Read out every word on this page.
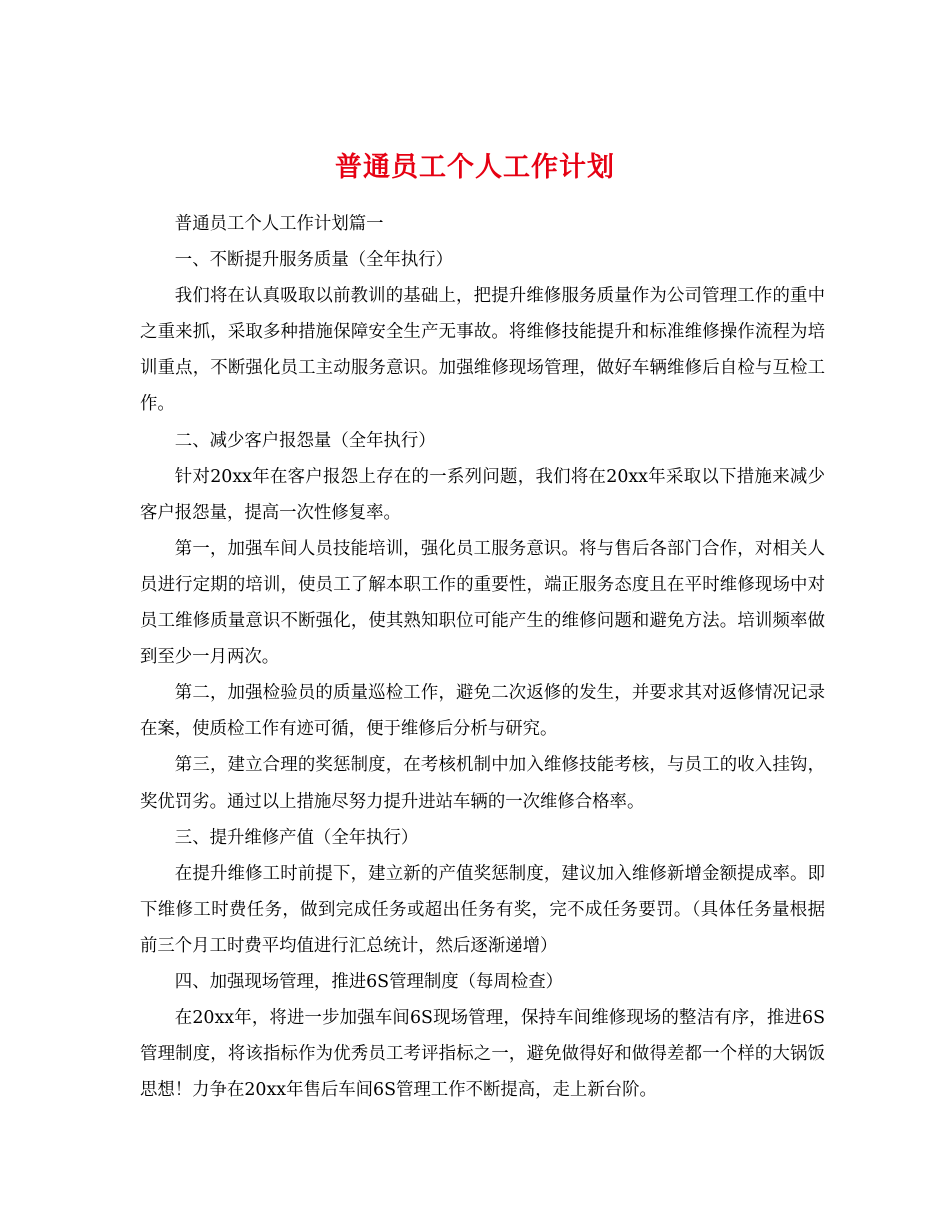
普通员工个人工作计划

普通员工个人工作计划篇一

一、不断提升服务质量（全年执行）

我们将在认真吸取以前教训的基础上，把提升维修服务质量作为公司管理工作的重中之重来抓，采取多种措施保障安全生产无事故。将维修技能提升和标准维修操作流程为培训重点，不断强化员工主动服务意识。加强维修现场管理，做好车辆维修后自检与互检工作。

二、减少客户报怨量（全年执行）

针对20xx年在客户报怨上存在的一系列问题，我们将在20xx年采取以下措施来减少客户报怨量，提高一次性修复率。

第一，加强车间人员技能培训，强化员工服务意识。将与售后各部门合作，对相关人员进行定期的培训，使员工了解本职工作的重要性，端正服务态度且在平时维修现场中对员工维修质量意识不断强化，使其熟知职位可能产生的维修问题和避免方法。培训频率做到至少一月两次。

第二，加强检验员的质量巡检工作，避免二次返修的发生，并要求其对返修情况记录在案，使质检工作有迹可循，便于维修后分析与研究。

第三，建立合理的奖惩制度，在考核机制中加入维修技能考核，与员工的收入挂钩，奖优罚劣。通过以上措施尽努力提升进站车辆的一次维修合格率。

三、提升维修产值（全年执行）

在提升维修工时前提下，建立新的产值奖惩制度，建议加入维修新增金额提成率。即下维修工时费任务，做到完成任务或超出任务有奖，完不成任务要罚。（具体任务量根据前三个月工时费平均值进行汇总统计，然后逐渐递增）

四、加强现场管理，推进6S管理制度（每周检查）

在20xx年，将进一步加强车间6S现场管理，保持车间维修现场的整洁有序，推进6S管理制度，将该指标作为优秀员工考评指标之一，避免做得好和做得差都一个样的大锅饭思想！力争在20xx年售后车间6S管理工作不断提高，走上新台阶。
